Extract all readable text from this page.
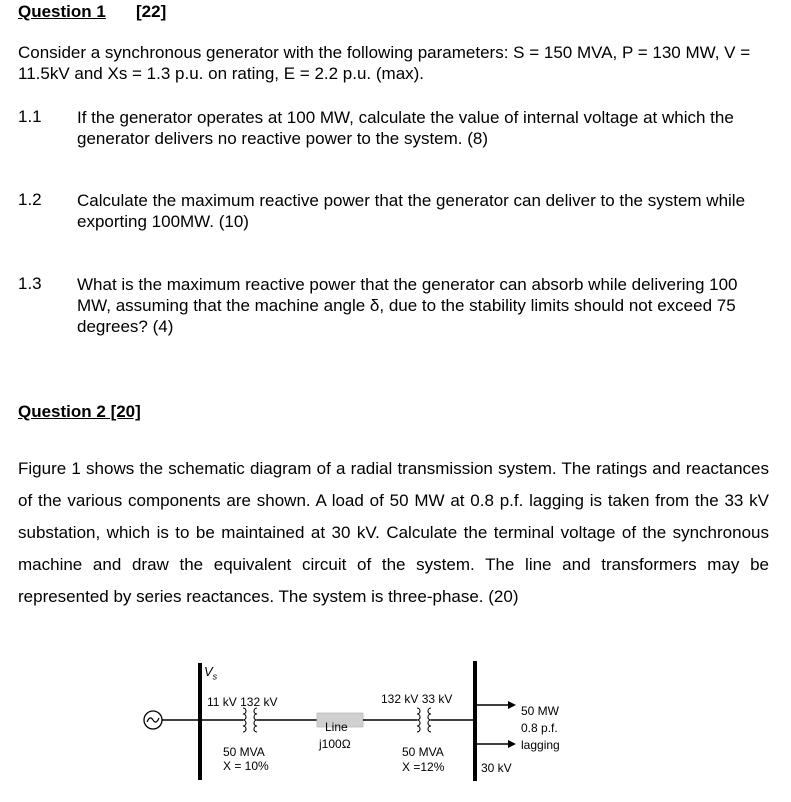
Question 1 [22]
Consider a synchronous generator with the following parameters: S = 150 MVA, P = 130 MW, V = 11.5kV and Xs = 1.3 p.u. on rating, E = 2.2 p.u. (max).
1.1 If the generator operates at 100 MW, calculate the value of internal voltage at which the generator delivers no reactive power to the system. (8)
1.2 Calculate the maximum reactive power that the generator can deliver to the system while exporting 100MW. (10)
1.3 What is the maximum reactive power that the generator can absorb while delivering 100 MW, assuming that the machine angle δ, due to the stability limits should not exceed 75 degrees? (4)
Question 2 [20]
Figure 1 shows the schematic diagram of a radial transmission system. The ratings and reactances of the various components are shown. A load of 50 MW at 0.8 p.f. lagging is taken from the 33 kV substation, which is to be maintained at 30 kV. Calculate the terminal voltage of the synchronous machine and draw the equivalent circuit of the system. The line and transformers may be represented by series reactances. The system is three-phase. (20)
$V_s$
11 kV 132 kV
50 MVA
X = 10%
Line
j100Ω
132 kV 33 kV
50 MVA
X =12%	30 kV
50 MW
0.8 p.f.
lagging
